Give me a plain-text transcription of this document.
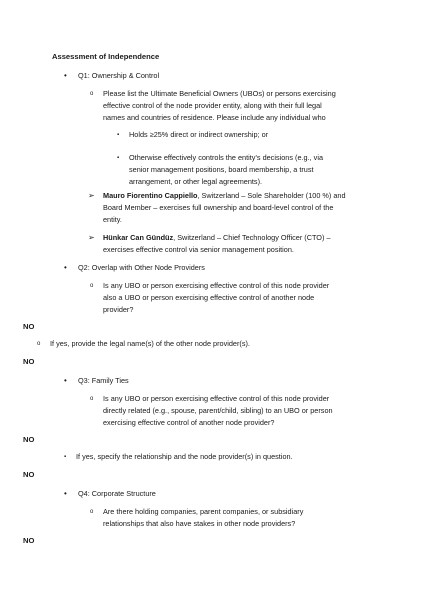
Assessment of Independence
• Q1: Ownership & Control
o Please list the Ultimate Beneficial Owners (UBOs) or persons exercising
effective control of the node provider entity, along with their full legal
names and countries of residence. Please include any individual who
▪ Holds ≥25% direct or indirect ownership; or
▪ Otherwise effectively controls the entity’s decisions (e.g., via
senior management positions, board membership, a trust
arrangement, or other legal agreements).
➢ Mauro Fiorentino Cappiello, Switzerland – Sole Shareholder (100 %) and
Board Member – exercises full ownership and board-level control of the
entity.
➢ Hünkar Can Gündüz, Switzerland – Chief Technology Officer (CTO) –
exercises effective control via senior management position.
• Q2: Overlap with Other Node Providers
o Is any UBO or person exercising effective control of this node provider
also a UBO or person exercising effective control of another node
provider?
NO
o If yes, provide the legal name(s) of the other node provider(s).
NO
• Q3: Family Ties
o Is any UBO or person exercising effective control of this node provider
directly related (e.g., spouse, parent/child, sibling) to an UBO or person
exercising effective control of another node provider?
NO
▪ If yes, specify the relationship and the node provider(s) in question.
NO
• Q4: Corporate Structure
o Are there holding companies, parent companies, or subsidiary
relationships that also have stakes in other node providers?
NO
